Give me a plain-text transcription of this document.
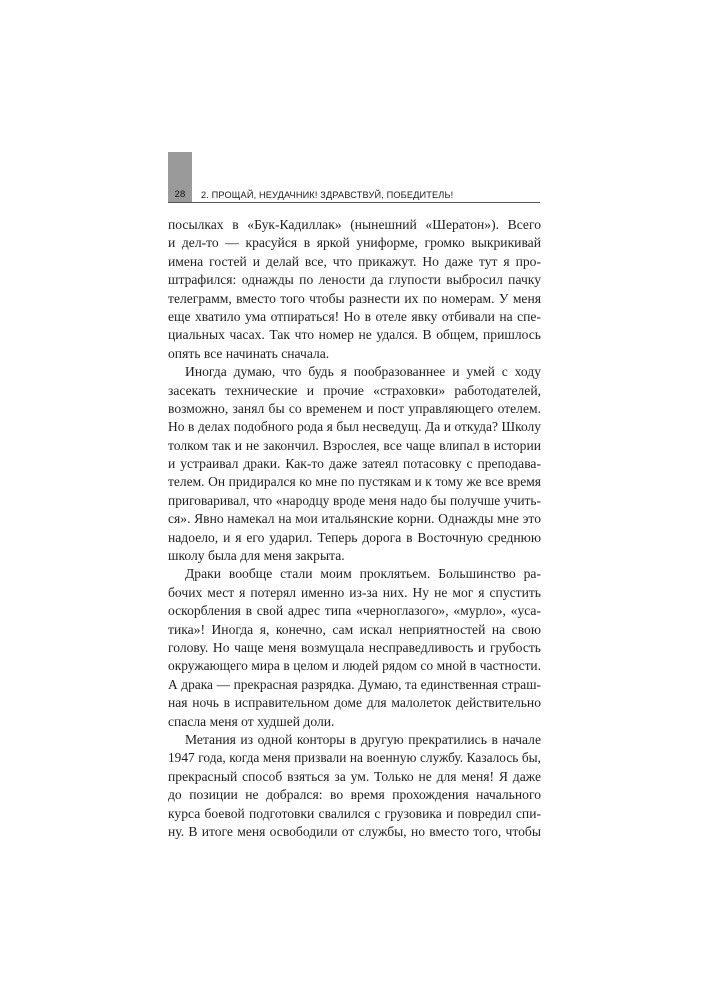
28	2. ПРОЩАЙ, НЕУДАЧНИК! ЗДРАВСТВУЙ, ПОБЕДИТЕЛЬ!

посылках в «Бук-Кадиллак» (нынешний «Шератон»). Всего
и дел-то — красуйся в яркой униформе, громко выкрикивай
имена гостей и делай все, что прикажут. Но даже тут я про-
штрафился: однажды по лености да глупости выбросил пачку
телеграмм, вместо того чтобы разнести их по номерам. У меня
еще хватило ума отпираться! Но в отеле явку отбивали на спе-
циальных часах. Так что номер не удался. В общем, пришлось
опять все начинать сначала.

Иногда думаю, что будь я пообразованнее и умей с ходу
засекать технические и прочие «страховки» работодателей,
возможно, занял бы со временем и пост управляющего отелем.
Но в делах подобного рода я был несведущ. Да и откуда? Школу
толком так и не закончил. Взрослея, все чаще влипал в истории
и устраивал драки. Как-то даже затеял потасовку с преподава-
телем. Он придирался ко мне по пустякам и к тому же все время
приговаривал, что «народцу вроде меня надо бы получше учить-
ся». Явно намекал на мои итальянские корни. Однажды мне это
надоело, и я его ударил. Теперь дорога в Восточную среднюю
школу была для меня закрыта.

Драки вообще стали моим проклятьем. Большинство ра-
бочих мест я потерял именно из-за них. Ну не мог я спустить
оскорбления в свой адрес типа «черноглазого», «мурло», «уса-
тика»! Иногда я, конечно, сам искал неприятностей на свою
голову. Но чаще меня возмущала несправедливость и грубость
окружающего мира в целом и людей рядом со мной в частности.
А драка — прекрасная разрядка. Думаю, та единственная страш-
ная ночь в исправительном доме для малолеток действительно
спасла меня от худшей доли.

Метания из одной конторы в другую прекратились в начале
1947 года, когда меня призвали на военную службу. Казалось бы,
прекрасный способ взяться за ум. Только не для меня! Я даже
до позиции не добрался: во время прохождения начального
курса боевой подготовки свалился с грузовика и повредил спи-
ну. В итоге меня освободили от службы, но вместо того, чтобы
